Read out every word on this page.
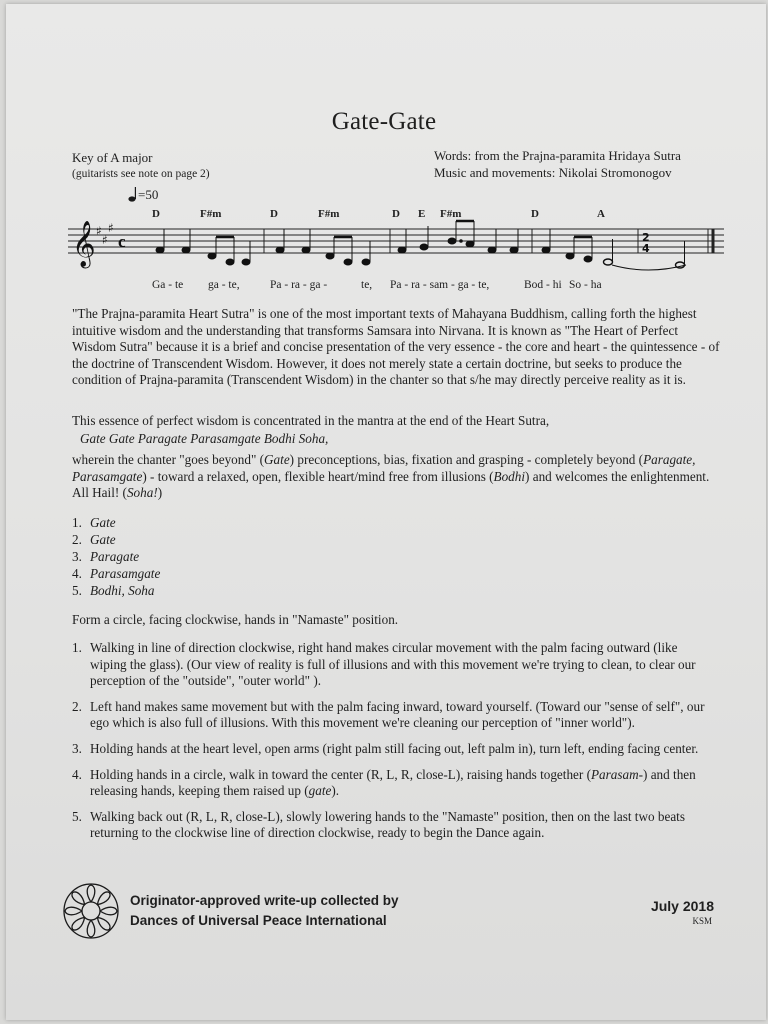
Gate-Gate
Key of A major
(guitarists see note on page 2)
Words: from the Prajna-paramita Hridaya Sutra
Music and movements: Nikolai Stromonogov
=50
D	F#m	D	F#m	D E F#m	D	A
𝄞 ♯
♯
♯
c	2
4
Ga - te ga - te,	Pa - ra - ga -	te, Pa - ra - sam - ga - te,	Bod - hi So - ha
"The Prajna-paramita Heart Sutra" is one of the most important texts of Mahayana Buddhism, calling forth the highest intuitive wisdom and the understanding that transforms Samsara into Nirvana. It is known as "The Heart of Perfect Wisdom Sutra" because it is a brief and concise presentation of the very essence - the core and heart - the quintessence - of the doctrine of Transcendent Wisdom. However, it does not merely state a certain doctrine, but seeks to produce the condition of Prajna-paramita (Transcendent Wisdom) in the chanter so that s/he may directly perceive reality as it is.
This essence of perfect wisdom is concentrated in the mantra at the end of the Heart Sutra,
Gate Gate Paragate Parasamgate Bodhi Soha,
wherein the chanter "goes beyond" (Gate) preconceptions, bias, fixation and grasping - completely beyond (Paragate, Parasamgate) - toward a relaxed, open, flexible heart/mind free from illusions (Bodhi) and welcomes the enlightenment. All Hail! (Soha!)
1. Gate
2. Gate
3. Paragate
4. Parasamgate
5. Bodhi, Soha
Form a circle, facing clockwise, hands in "Namaste" position.
1. Walking in line of direction clockwise, right hand makes circular movement with the palm facing outward (like wiping the glass). (Our view of reality is full of illusions and with this movement we're trying to clean, to clear our perception of the "outside", "outer world" ).
2. Left hand makes same movement but with the palm facing inward, toward yourself. (Toward our "sense of self", our ego which is also full of illusions. With this movement we're cleaning our perception of "inner world").
3. Holding hands at the heart level, open arms (right palm still facing out, left palm in), turn left, ending facing center.
4. Holding hands in a circle, walk in toward the center (R, L, R, close-L), raising hands together (Parasam-) and then releasing hands, keeping them raised up (gate).
5. Walking back out (R, L, R, close-L), slowly lowering hands to the "Namaste" position, then on the last two beats returning to the clockwise line of direction clockwise, ready to begin the Dance again.
Originator-approved write-up collected by
Dances of Universal Peace International
July 2018
KSM
